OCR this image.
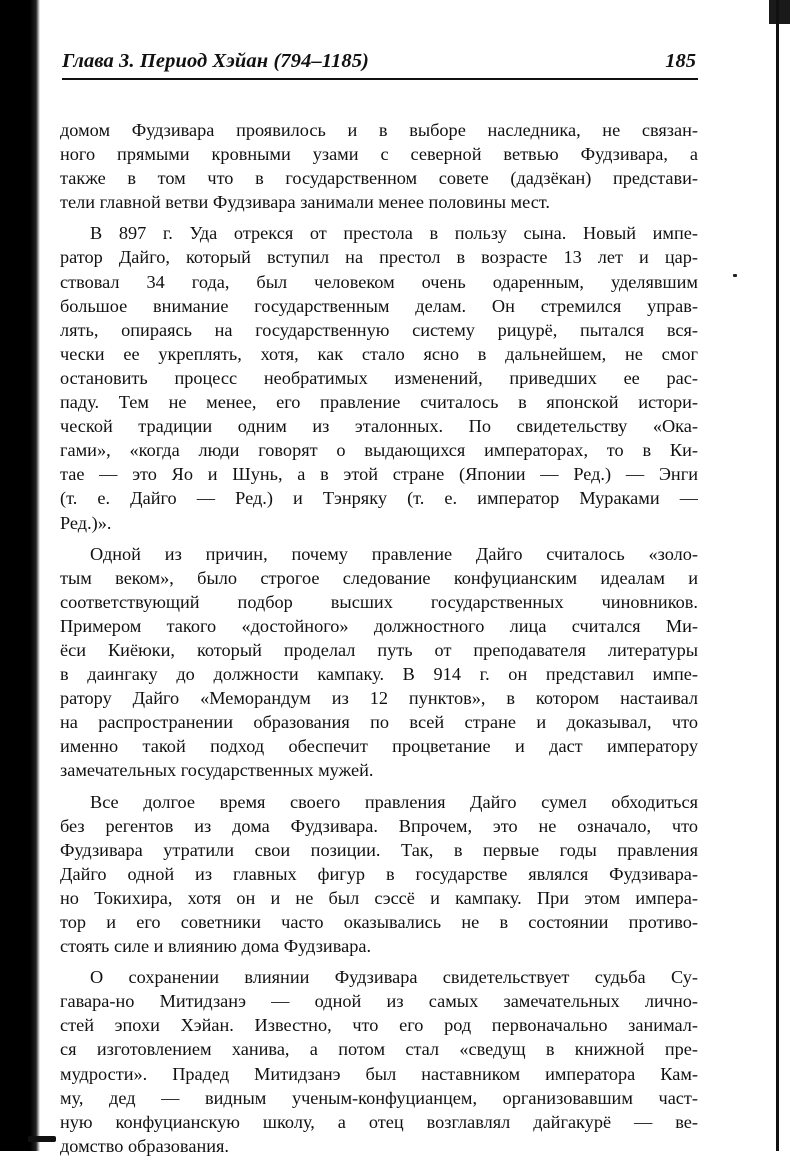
Глава 3. Период Хэйан (794–1185)	185
домом Фудзивара проявилось и в выборе наследника, не связан-
ного прямыми кровными узами с северной ветвью Фудзивара, а
также в том что в государственном совете (дадзёкан) представи-
тели главной ветви Фудзивара занимали менее половины мест.
В 897 г. Уда отрекся от престола в пользу сына. Новый импе-
ратор Дайго, который вступил на престол в возрасте 13 лет и цар-
ствовал 34 года, был человеком очень одаренным, уделявшим
большое внимание государственным делам. Он стремился управ-
лять, опираясь на государственную систему рицурё, пытался вся-
чески ее укреплять, хотя, как стало ясно в дальнейшем, не смог
остановить процесс необратимых изменений, приведших ее рас-
паду. Тем не менее, его правление считалось в японской истори-
ческой традиции одним из эталонных. По свидетельству «Ока-
гами», «когда люди говорят о выдающихся императорах, то в Ки-
тае — это Яо и Шунь, а в этой стране (Японии — Ред.) — Энги
(т. е. Дайго — Ред.) и Тэнряку (т. е. император Мураками —
Ред.)».
Одной из причин, почему правление Дайго считалось «золо-
тым веком», было строгое следование конфуцианским идеалам и
соответствующий подбор высших государственных чиновников.
Примером такого «достойного» должностного лица считался Ми-
ёси Киёюки, который проделал путь от преподавателя литературы
в даингаку до должности кампаку. В 914 г. он представил импе-
ратору Дайго «Меморандум из 12 пунктов», в котором настаивал
на распространении образования по всей стране и доказывал, что
именно такой подход обеспечит процветание и даст императору
замечательных государственных мужей.
Все долгое время своего правления Дайго сумел обходиться
без регентов из дома Фудзивара. Впрочем, это не означало, что
Фудзивара утратили свои позиции. Так, в первые годы правления
Дайго одной из главных фигур в государстве являлся Фудзивара-
но Токихира, хотя он и не был сэссё и кампаку. При этом импера-
тор и его советники часто оказывались не в состоянии противо-
стоять силе и влиянию дома Фудзивара.
О сохранении влиянии Фудзивара свидетельствует судьба Су-
гавара-но Митидзанэ — одной из самых замечательных лично-
стей эпохи Хэйан. Известно, что его род первоначально занимал-
ся изготовлением ханива, а потом стал «сведущ в книжной пре-
мудрости». Прадед Митидзанэ был наставником императора Кам-
му, дед — видным ученым-конфуцианцем, организовавшим част-
ную конфуцианскую школу, а отец возглавлял дайгакурё — ве-
домство образования.
